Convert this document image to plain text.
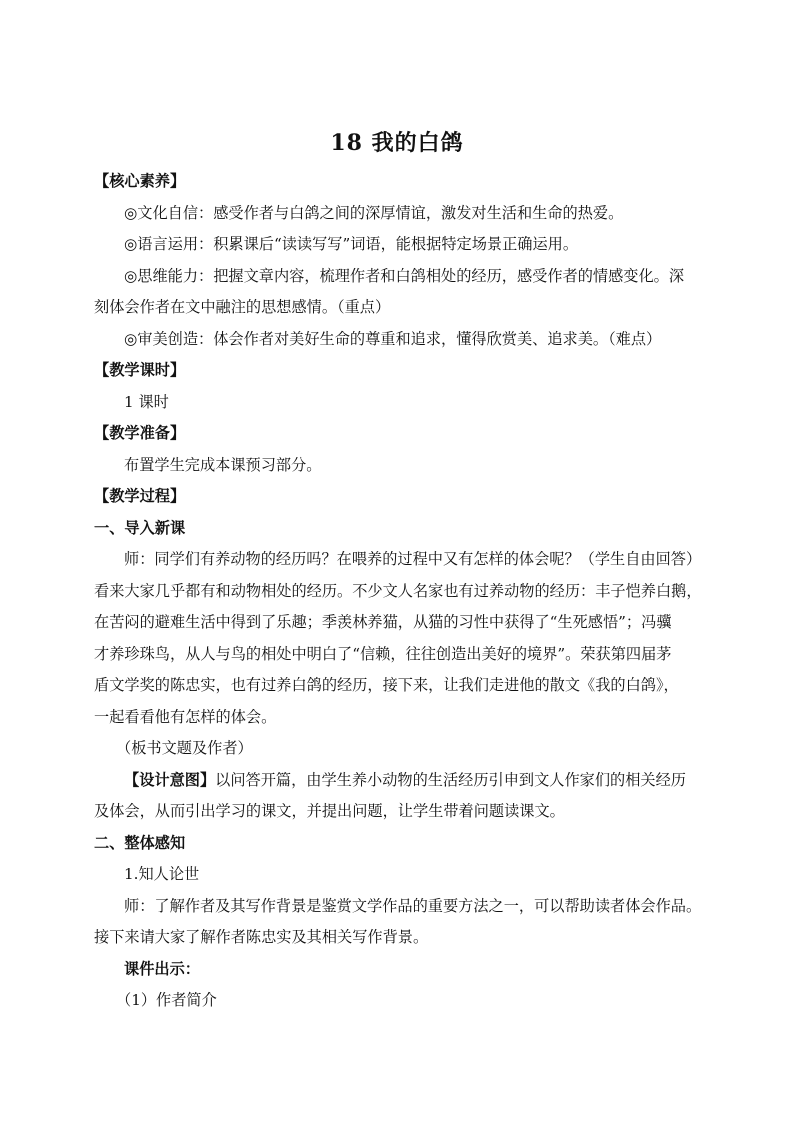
18 我的白鸽

【核心素养】

◎文化自信：感受作者与白鸽之间的深厚情谊，激发对生活和生命的热爱。

◎语言运用：积累课后“读读写写”词语，能根据特定场景正确运用。

◎思维能力：把握文章内容，梳理作者和白鸽相处的经历，感受作者的情感变化。深

刻体会作者在文中融注的思想感情。（重点）

◎审美创造：体会作者对美好生命的尊重和追求，懂得欣赏美、追求美。（难点）

【教学课时】

1 课时

【教学准备】

布置学生完成本课预习部分。

【教学过程】

一、导入新课

师：同学们有养动物的经历吗？在喂养的过程中又有怎样的体会呢？（学生自由回答）

看来大家几乎都有和动物相处的经历。不少文人名家也有过养动物的经历：丰子恺养白鹅，

在苦闷的避难生活中得到了乐趣；季羡林养猫，从猫的习性中获得了“生死感悟”；冯骥

才养珍珠鸟，从人与鸟的相处中明白了“信赖，往往创造出美好的境界”。荣获第四届茅

盾文学奖的陈忠实，也有过养白鸽的经历，接下来，让我们走进他的散文《我的白鸽》，

一起看看他有怎样的体会。

（板书文题及作者）

【设计意图】以问答开篇，由学生养小动物的生活经历引申到文人作家们的相关经历

及体会，从而引出学习的课文，并提出问题，让学生带着问题读课文。

二、整体感知

1.知人论世

师：了解作者及其写作背景是鉴赏文学作品的重要方法之一，可以帮助读者体会作品。

接下来请大家了解作者陈忠实及其相关写作背景。

课件出示：

（1）作者简介
